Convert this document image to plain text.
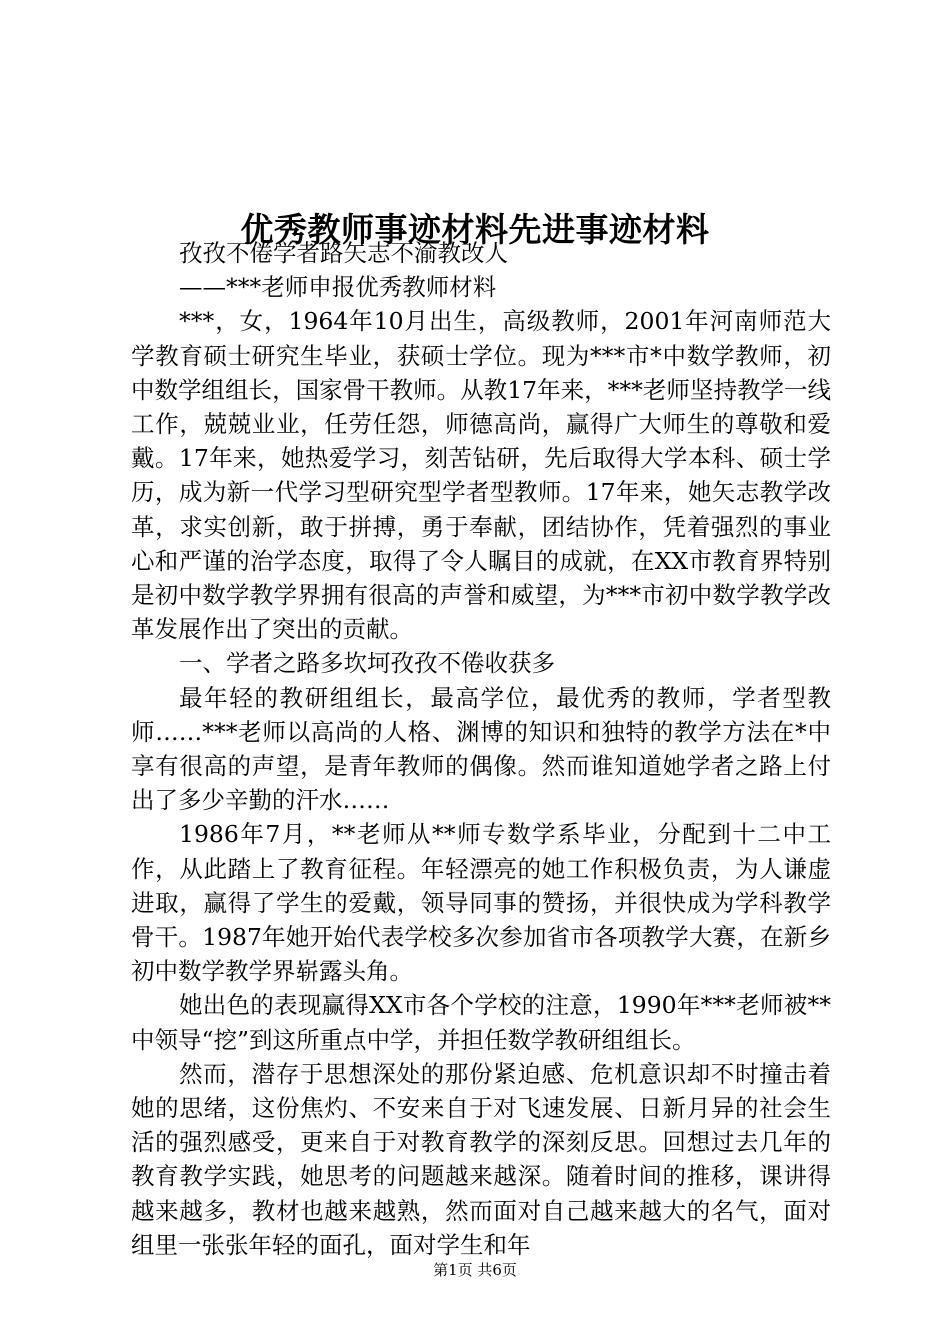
优秀教师事迹材料先进事迹材料

孜孜不倦学者路矢志不渝教改人

——***老师申报优秀教师材料

***，女，1964年10月出生，高级教师，2001年河南师范大学教育硕士研究生毕业，获硕士学位。现为***市*中数学教师，初中数学组组长，国家骨干教师。从教17年来，***老师坚持教学一线工作，兢兢业业，任劳任怨，师德高尚，赢得广大师生的尊敬和爱戴。17年来，她热爱学习，刻苦钻研，先后取得大学本科、硕士学历，成为新一代学习型研究型学者型教师。17年来，她矢志教学改革，求实创新，敢于拼搏，勇于奉献，团结协作，凭着强烈的事业心和严谨的治学态度，取得了令人瞩目的成就，在XX市教育界特别是初中数学教学界拥有很高的声誉和威望，为***市初中数学教学改革发展作出了突出的贡献。

一、学者之路多坎坷孜孜不倦收获多

最年轻的教研组组长，最高学位，最优秀的教师，学者型教师……***老师以高尚的人格、渊博的知识和独特的教学方法在*中享有很高的声望，是青年教师的偶像。然而谁知道她学者之路上付出了多少辛勤的汗水……

1986年7月，**老师从**师专数学系毕业，分配到十二中工作，从此踏上了教育征程。年轻漂亮的她工作积极负责，为人谦虚进取，赢得了学生的爱戴，领导同事的赞扬，并很快成为学科教学骨干。1987年她开始代表学校多次参加省市各项教学大赛，在新乡初中数学教学界崭露头角。

她出色的表现赢得XX市各个学校的注意，1990年***老师被**中领导“挖”到这所重点中学，并担任数学教研组组长。

然而，潜存于思想深处的那份紧迫感、危机意识却不时撞击着她的思绪，这份焦灼、不安来自于对飞速发展、日新月异的社会生活的强烈感受，更来自于对教育教学的深刻反思。回想过去几年的教育教学实践，她思考的问题越来越深。随着时间的推移，课讲得越来越多，教材也越来越熟，然而面对自己越来越大的名气，面对组里一张张年轻的面孔，面对学生和年

第1页 共6页
